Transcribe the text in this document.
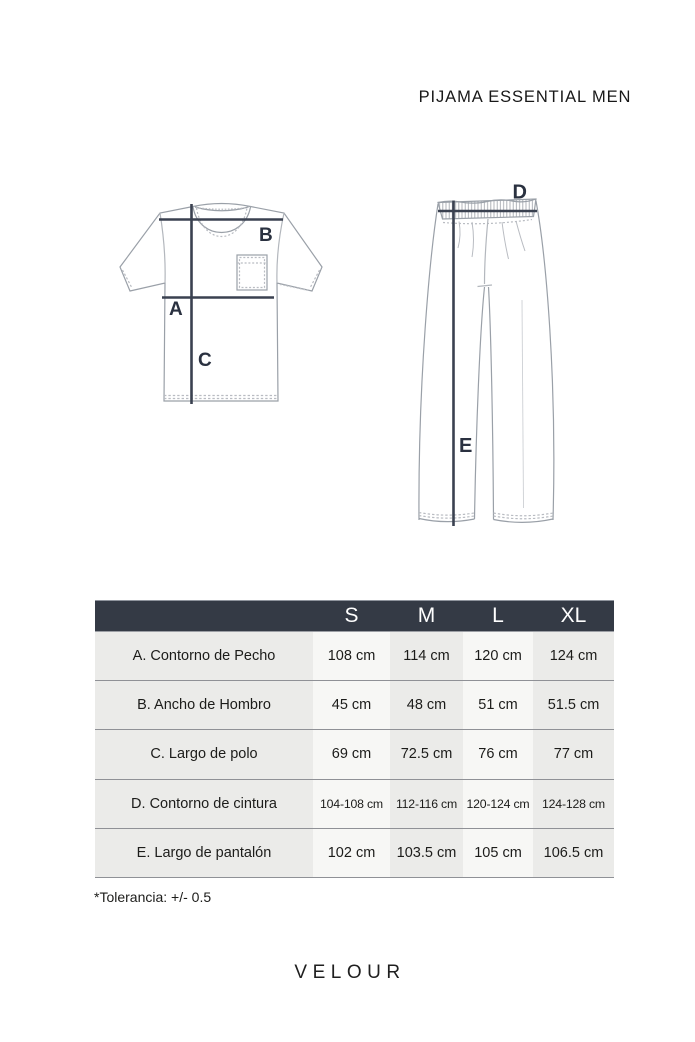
PIJAMA ESSENTIAL MEN
A
B
C
D
E
S	M	L	XL
A. Contorno de Pecho	108 cm	114 cm	120 cm	124 cm
B. Ancho de Hombro	45 cm	48 cm	51 cm	51.5 cm
C. Largo de polo	69 cm	72.5 cm	76 cm	77 cm
D. Contorno de cintura	104-108 cm	112-116 cm 120-124 cm	124-128 cm
E. Largo de pantalón	102 cm	103.5 cm	105 cm	106.5 cm
*Tolerancia: +/- 0.5
VELOUR
